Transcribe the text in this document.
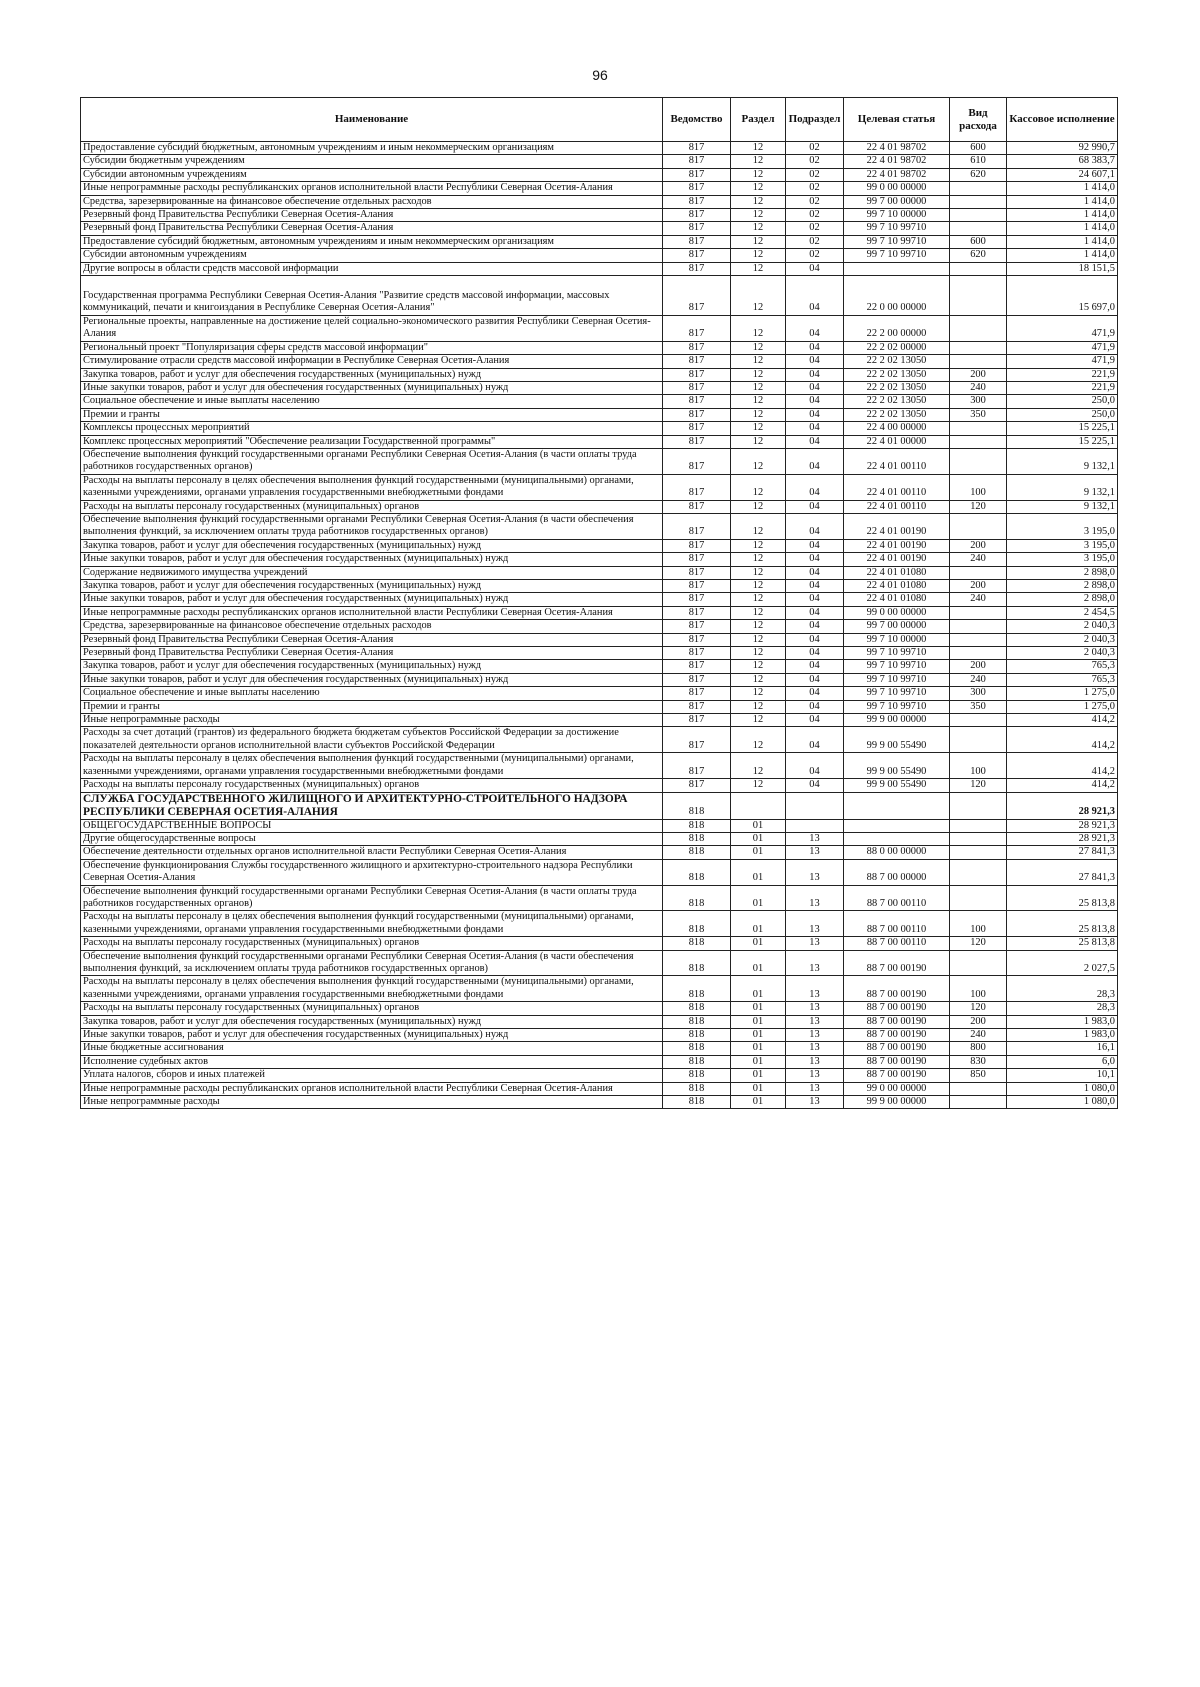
96
Наименование	Ведомство	Раздел	Подраздел	Целевая статья	Вид расхода	Кассовое исполнение
Предоставление субсидий бюджетным, автономным учреждениям и иным некоммерческим организациям	817	12	02	22 4 01 98702	600	92 990,7
Субсидии бюджетным учреждениям	817	12	02	22 4 01 98702	610	68 383,7
Субсидии автономным учреждениям	817	12	02	22 4 01 98702	620	24 607,1
Иные непрограммные расходы республиканских органов исполнительной власти Республики Северная Осетия-Алания	817	12	02	99 0 00 00000		1 414,0
Средства, зарезервированные на финансовое обеспечение отдельных расходов	817	12	02	99 7 00 00000		1 414,0
Резервный фонд Правительства Республики Северная Осетия-Алания	817	12	02	99 7 10 00000		1 414,0
Резервный фонд Правительства Республики Северная Осетия-Алания	817	12	02	99 7 10 99710		1 414,0
Предоставление субсидий бюджетным, автономным учреждениям и иным некоммерческим организациям	817	12	02	99 7 10 99710	600	1 414,0
Субсидии автономным учреждениям	817	12	02	99 7 10 99710	620	1 414,0
Другие вопросы в области средств массовой информации	817	12	04			18 151,5
Государственная программа Республики Северная Осетия-Алания "Развитие средств массовой информации, массовых коммуникаций, печати и книгоиздания в Республике Северная Осетия-Алания"	817	12	04	22 0 00 00000		15 697,0
Региональные проекты, направленные на достижение целей социально-экономического развития Республики Северная Осетия-Алания	817	12	04	22 2 00 00000		471,9
Региональный проект "Популяризация сферы средств массовой информации"	817	12	04	22 2 02 00000		471,9
Стимулирование отрасли средств массовой информации в Республике Северная Осетия-Алания	817	12	04	22 2 02 13050		471,9
Закупка товаров, работ и услуг для обеспечения государственных (муниципальных) нужд	817	12	04	22 2 02 13050	200	221,9
Иные закупки товаров, работ и услуг для обеспечения государственных (муниципальных) нужд	817	12	04	22 2 02 13050	240	221,9
Социальное обеспечение и иные выплаты населению	817	12	04	22 2 02 13050	300	250,0
Премии и гранты	817	12	04	22 2 02 13050	350	250,0
Комплексы процессных мероприятий	817	12	04	22 4 00 00000		15 225,1
Комплекс процессных мероприятий "Обеспечение реализации Государственной программы"	817	12	04	22 4 01 00000		15 225,1
Обеспечение выполнения функций государственными органами Республики Северная Осетия-Алания (в части оплаты труда работников государственных органов)	817	12	04	22 4 01 00110		9 132,1
Расходы на выплаты персоналу в целях обеспечения выполнения функций государственными (муниципальными) органами, казенными учреждениями, органами управления государственными внебюджетными фондами	817	12	04	22 4 01 00110	100	9 132,1
Расходы на выплаты персоналу государственных (муниципальных) органов	817	12	04	22 4 01 00110	120	9 132,1
Обеспечение выполнения функций государственными органами Республики Северная Осетия-Алания (в части обеспечения выполнения функций, за исключением оплаты труда работников государственных органов)	817	12	04	22 4 01 00190		3 195,0
Закупка товаров, работ и услуг для обеспечения государственных (муниципальных) нужд	817	12	04	22 4 01 00190	200	3 195,0
Иные закупки товаров, работ и услуг для обеспечения государственных (муниципальных) нужд	817	12	04	22 4 01 00190	240	3 195,0
Содержание недвижимого имущества учреждений	817	12	04	22 4 01 01080		2 898,0
Закупка товаров, работ и услуг для обеспечения государственных (муниципальных) нужд	817	12	04	22 4 01 01080	200	2 898,0
Иные закупки товаров, работ и услуг для обеспечения государственных (муниципальных) нужд	817	12	04	22 4 01 01080	240	2 898,0
Иные непрограммные расходы республиканских органов исполнительной власти Республики Северная Осетия-Алания	817	12	04	99 0 00 00000		2 454,5
Средства, зарезервированные на финансовое обеспечение отдельных расходов	817	12	04	99 7 00 00000		2 040,3
Резервный фонд Правительства Республики Северная Осетия-Алания	817	12	04	99 7 10 00000		2 040,3
Резервный фонд Правительства Республики Северная Осетия-Алания	817	12	04	99 7 10 99710		2 040,3
Закупка товаров, работ и услуг для обеспечения государственных (муниципальных) нужд	817	12	04	99 7 10 99710	200	765,3
Иные закупки товаров, работ и услуг для обеспечения государственных (муниципальных) нужд	817	12	04	99 7 10 99710	240	765,3
Социальное обеспечение и иные выплаты населению	817	12	04	99 7 10 99710	300	1 275,0
Премии и гранты	817	12	04	99 7 10 99710	350	1 275,0
Иные непрограммные расходы	817	12	04	99 9 00 00000		414,2
Расходы за счет дотаций (грантов) из федерального бюджета бюджетам субъектов Российской Федерации за достижение показателей деятельности органов исполнительной власти субъектов Российской Федерации	817	12	04	99 9 00 55490		414,2
Расходы на выплаты персоналу в целях обеспечения выполнения функций государственными (муниципальными) органами, казенными учреждениями, органами управления государственными внебюджетными фондами	817	12	04	99 9 00 55490	100	414,2
Расходы на выплаты персоналу государственных (муниципальных) органов	817	12	04	99 9 00 55490	120	414,2
СЛУЖБА ГОСУДАРСТВЕННОГО ЖИЛИЩНОГО И АРХИТЕКТУРНО-СТРОИТЕЛЬНОГО НАДЗОРА РЕСПУБЛИКИ СЕВЕРНАЯ ОСЕТИЯ-АЛАНИЯ	818					28 921,3
ОБЩЕГОСУДАРСТВЕННЫЕ ВОПРОСЫ	818	01				28 921,3
Другие общегосударственные вопросы	818	01	13			28 921,3
Обеспечение деятельности отдельных органов исполнительной власти Республики Северная Осетия-Алания	818	01	13	88 0 00 00000		27 841,3
Обеспечение функционирования Службы государственного жилищного и архитектурно-строительного надзора Республики Северная Осетия-Алания	818	01	13	88 7 00 00000		27 841,3
Обеспечение выполнения функций государственными органами Республики Северная Осетия-Алания (в части оплаты труда работников государственных органов)	818	01	13	88 7 00 00110		25 813,8
Расходы на выплаты персоналу в целях обеспечения выполнения функций государственными (муниципальными) органами, казенными учреждениями, органами управления государственными внебюджетными фондами	818	01	13	88 7 00 00110	100	25 813,8
Расходы на выплаты персоналу государственных (муниципальных) органов	818	01	13	88 7 00 00110	120	25 813,8
Обеспечение выполнения функций государственными органами Республики Северная Осетия-Алания (в части обеспечения выполнения функций, за исключением оплаты труда работников государственных органов)	818	01	13	88 7 00 00190		2 027,5
Расходы на выплаты персоналу в целях обеспечения выполнения функций государственными (муниципальными) органами, казенными учреждениями, органами управления государственными внебюджетными фондами	818	01	13	88 7 00 00190	100	28,3
Расходы на выплаты персоналу государственных (муниципальных) органов	818	01	13	88 7 00 00190	120	28,3
Закупка товаров, работ и услуг для обеспечения государственных (муниципальных) нужд	818	01	13	88 7 00 00190	200	1 983,0
Иные закупки товаров, работ и услуг для обеспечения государственных (муниципальных) нужд	818	01	13	88 7 00 00190	240	1 983,0
Иные бюджетные ассигнования	818	01	13	88 7 00 00190	800	16,1
Исполнение судебных актов	818	01	13	88 7 00 00190	830	6,0
Уплата налогов, сборов и иных платежей	818	01	13	88 7 00 00190	850	10,1
Иные непрограммные расходы республиканских органов исполнительной власти Республики Северная Осетия-Алания	818	01	13	99 0 00 00000		1 080,0
Иные непрограммные расходы	818	01	13	99 9 00 00000		1 080,0
